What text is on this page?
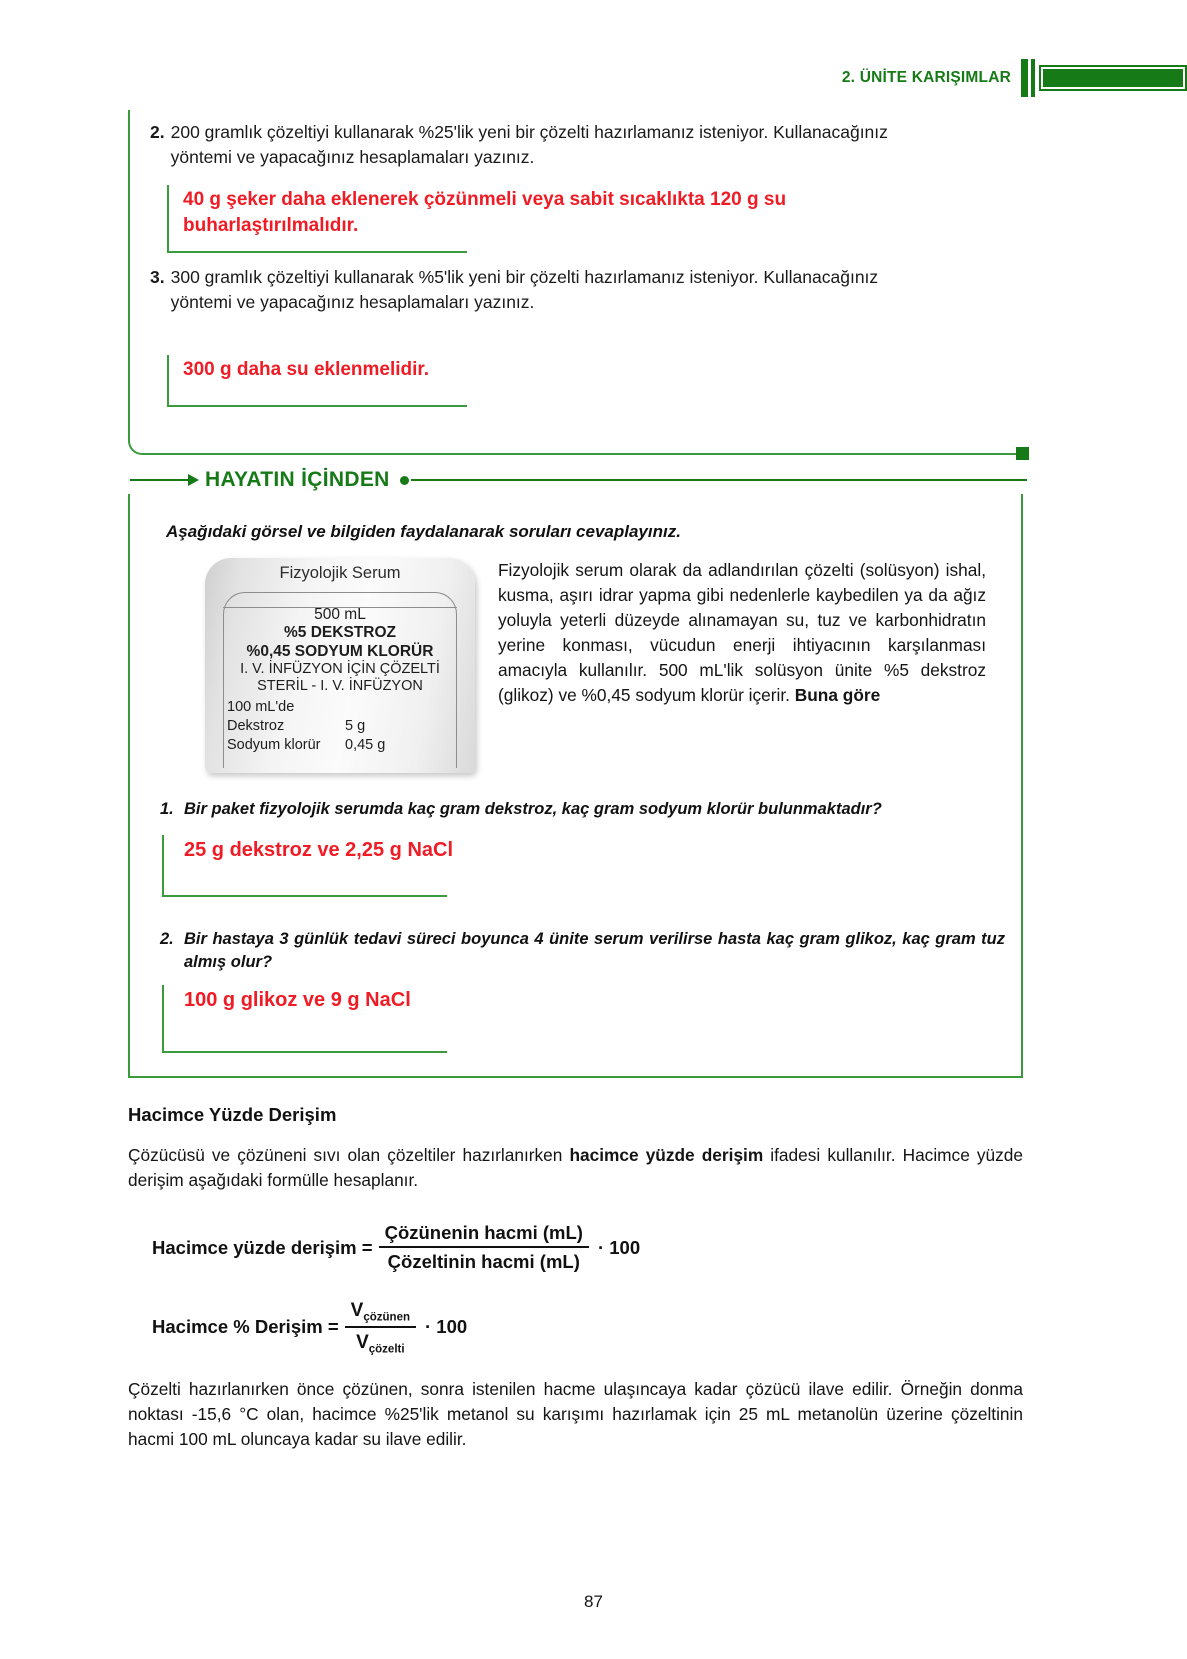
2. ÜNİTE KARIŞIMLAR
2. 200 gramlık çözeltiyi kullanarak %25'lik yeni bir çözelti hazırlamanız isteniyor. Kullanacağınız yöntemi ve yapacağınız hesaplamaları yazınız.
40 g şeker daha eklenerek çözünmeli veya sabit sıcaklıkta 120 g su buharlaştırılmalıdır.
3. 300 gramlık çözeltiyi kullanarak %5'lik yeni bir çözelti hazırlamanız isteniyor. Kullanacağınız yöntemi ve yapacağınız hesaplamaları yazınız.
300 g daha su eklenmelidir.
HAYATIN İÇİNDEN
Aşağıdaki görsel ve bilgiden faydalanarak soruları cevaplayınız.
Fizyolojik Serum
500 mL
%5 DEKSTROZ
%0,45 SODYUM KLORÜR
I. V. İNFÜZYON İÇİN ÇÖZELTİ
STERİL - I. V. İNFÜZYON
100 mL'de
Dekstroz	5 g
Sodyum klorür	0,45 g
Fizyolojik serum olarak da adlandırılan çözelti (solüsyon) ishal, kusma, aşırı idrar yapma gibi nedenlerle kaybedilen ya da ağız yoluyla yeterli düzeyde alınamayan su, tuz ve karbonhidratın yerine konması, vücudun enerji ihtiyacının karşılanması amacıyla kullanılır. 500 mL'lik solüsyon ünite %5 dekstroz (glikoz) ve %0,45 sodyum klorür içerir. Buna göre
1. Bir paket fizyolojik serumda kaç gram dekstroz, kaç gram sodyum klorür bulunmaktadır?
25 g dekstroz ve 2,25 g NaCl
2. Bir hastaya 3 günlük tedavi süreci boyunca 4 ünite serum verilirse hasta kaç gram glikoz, kaç gram tuz almış olur?
100 g glikoz ve 9 g NaCl
Hacimce Yüzde Derişim
Çözücüsü ve çözüneni sıvı olan çözeltiler hazırlanırken hacimce yüzde derişim ifadesi kullanılır. Hacimce yüzde derişim aşağıdaki formülle hesaplanır.
Hacimce yüzde derişim = $\frac{\text{Çözünenin hacmi (mL)}}{\text{Çözeltinin hacmi (mL)}} \cdot 100$
Hacimce % Derişim = $\frac{V_{çözünen}}{V_{çözelti}} \cdot 100$
Çözelti hazırlanırken önce çözünen, sonra istenilen hacme ulaşıncaya kadar çözücü ilave edilir. Örneğin donma noktası -15,6 °C olan, hacimce %25'lik metanol su karışımı hazırlamak için 25 mL metanolün üzerine çözeltinin hacmi 100 mL oluncaya kadar su ilave edilir.
87
